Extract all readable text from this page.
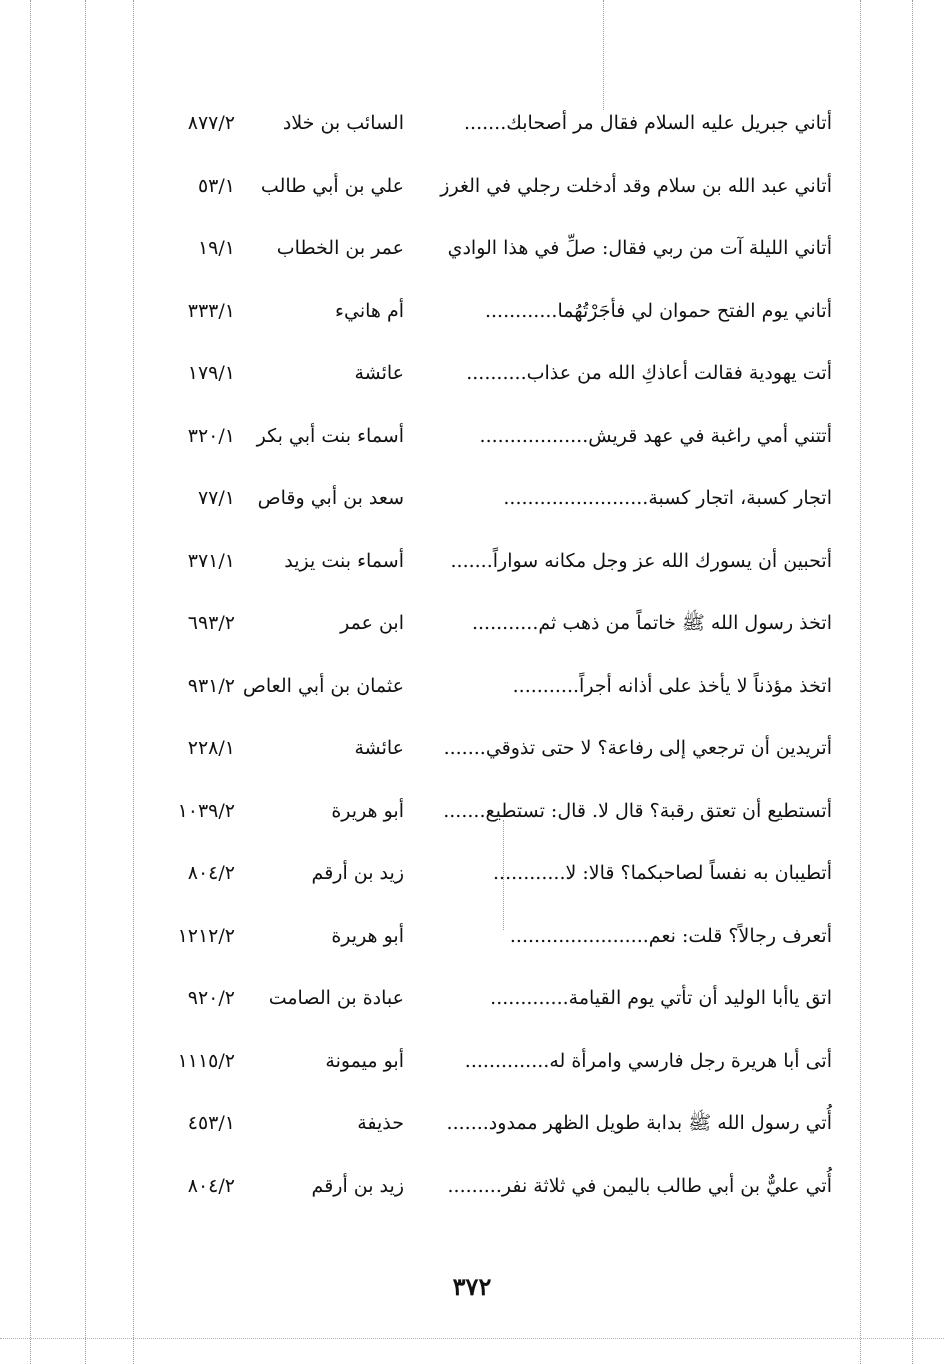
أتاني جبريل عليه السلام فقال مر أصحابك.......
السائب بن خلاد
٨٧٧/٢
أتاني عبد الله بن سلام وقد أدخلت رجلي في الغرز
علي بن أبي طالب
٥٣/١
أتاني الليلة آت من ربي فقال: صلِّ في هذا الوادي
عمر بن الخطاب
١٩/١
أتاني يوم الفتح حموان لي فأجَرْتُهُما............
أم هانيء
٣٣٣/١
أتت يهودية فقالت أعاذكِ الله من عذاب..........
عائشة
١٧٩/١
أتتني أمي راغبة في عهد قريش..................
أسماء بنت أبي بكر
٣٢٠/١
اتجار كسبة، اتجار كسبة........................
سعد بن أبي وقاص
٧٧/١
أتحبين أن يسورك الله عز وجل مكانه سواراً.......
أسماء بنت يزيد
٣٧١/١
اتخذ رسول الله ﷺ خاتماً من ذهب ثم...........
ابن عمر
٦٩٣/٢
اتخذ مؤذناً لا يأخذ على أذانه أجراً...........
عثمان بن أبي العاص
٩٣١/٢
أتريدين أن ترجعي إلى رفاعة؟ لا حتى تذوقي.......
عائشة
٢٢٨/١
أتستطيع أن تعتق رقبة؟ قال لا. قال: تستطيع.......
أبو هريرة
١٠٣٩/٢
أتطيبان به نفساً لصاحبكما؟ قالا: لا............
زيد بن أرقم
٨٠٤/٢
أتعرف رجالاً؟ قلت: نعم.......................
أبو هريرة
١٢١٢/٢
اتق ياأبا الوليد أن تأتي يوم القيامة.............
عبادة بن الصامت
٩٢٠/٢
أتى أبا هريرة رجل فارسي وامرأة له..............
أبو ميمونة
١١١٥/٢
أُتي رسول الله ﷺ بدابة طويل الظهر ممدود.......
حذيفة
٤٥٣/١
أُتي عليٌّ بن أبي طالب باليمن في ثلاثة نفر.........
زيد بن أرقم
٨٠٤/٢
٣٧٢
